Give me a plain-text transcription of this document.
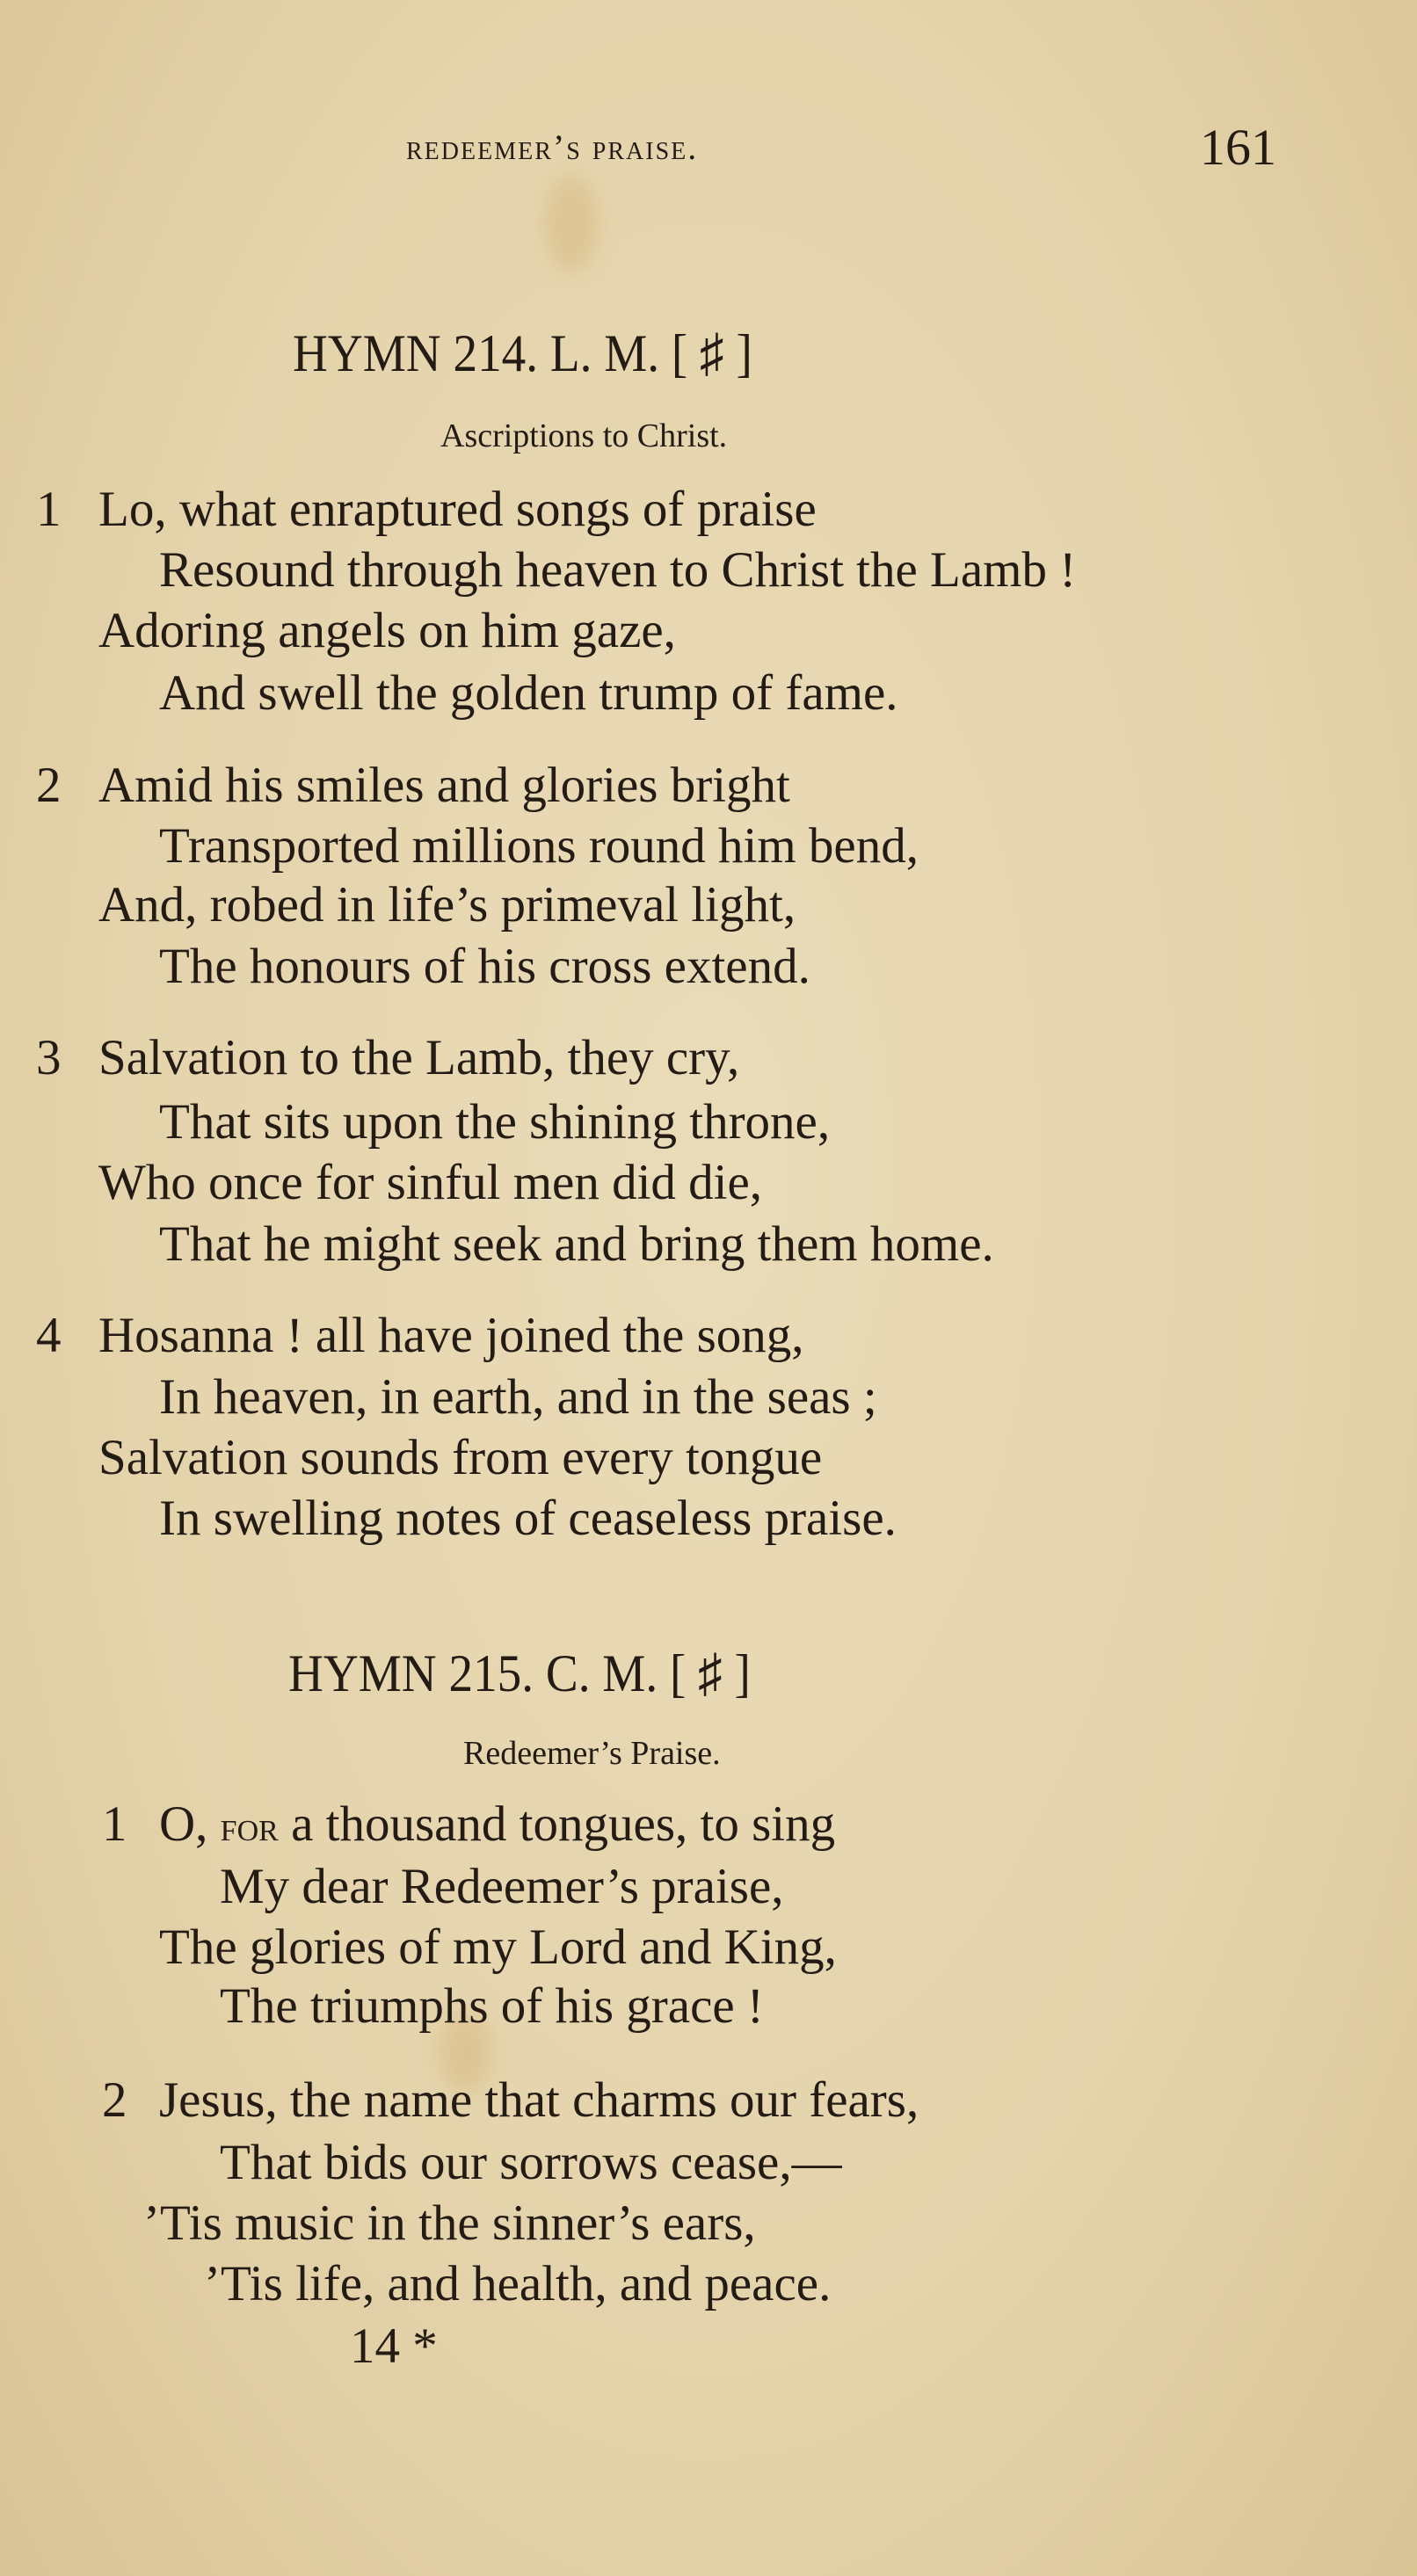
redeemer’s praise.	161
HYMN 214. L. M. [ ♯ ]
Ascriptions to Christ.
1 Lo, what enraptured songs of praise
Resound through heaven to Christ the Lamb !
Adoring angels on him gaze,
And swell the golden trump of fame.
2 Amid his smiles and glories bright
Transported millions round him bend,
And, robed in life’s primeval light,
The honours of his cross extend.
3 Salvation to the Lamb, they cry,
That sits upon the shining throne,
Who once for sinful men did die,
That he might seek and bring them home.
4 Hosanna ! all have joined the song,
In heaven, in earth, and in the seas ;
Salvation sounds from every tongue
In swelling notes of ceaseless praise.
HYMN 215. C. M. [ ♯ ]
Redeemer’s Praise.
1 O, for a thousand tongues, to sing
My dear Redeemer’s praise,
The glories of my Lord and King,
The triumphs of his grace !
2 Jesus, the name that charms our fears,
That bids our sorrows cease,—
’Tis music in the sinner’s ears,
’Tis life, and health, and peace.
14 *
